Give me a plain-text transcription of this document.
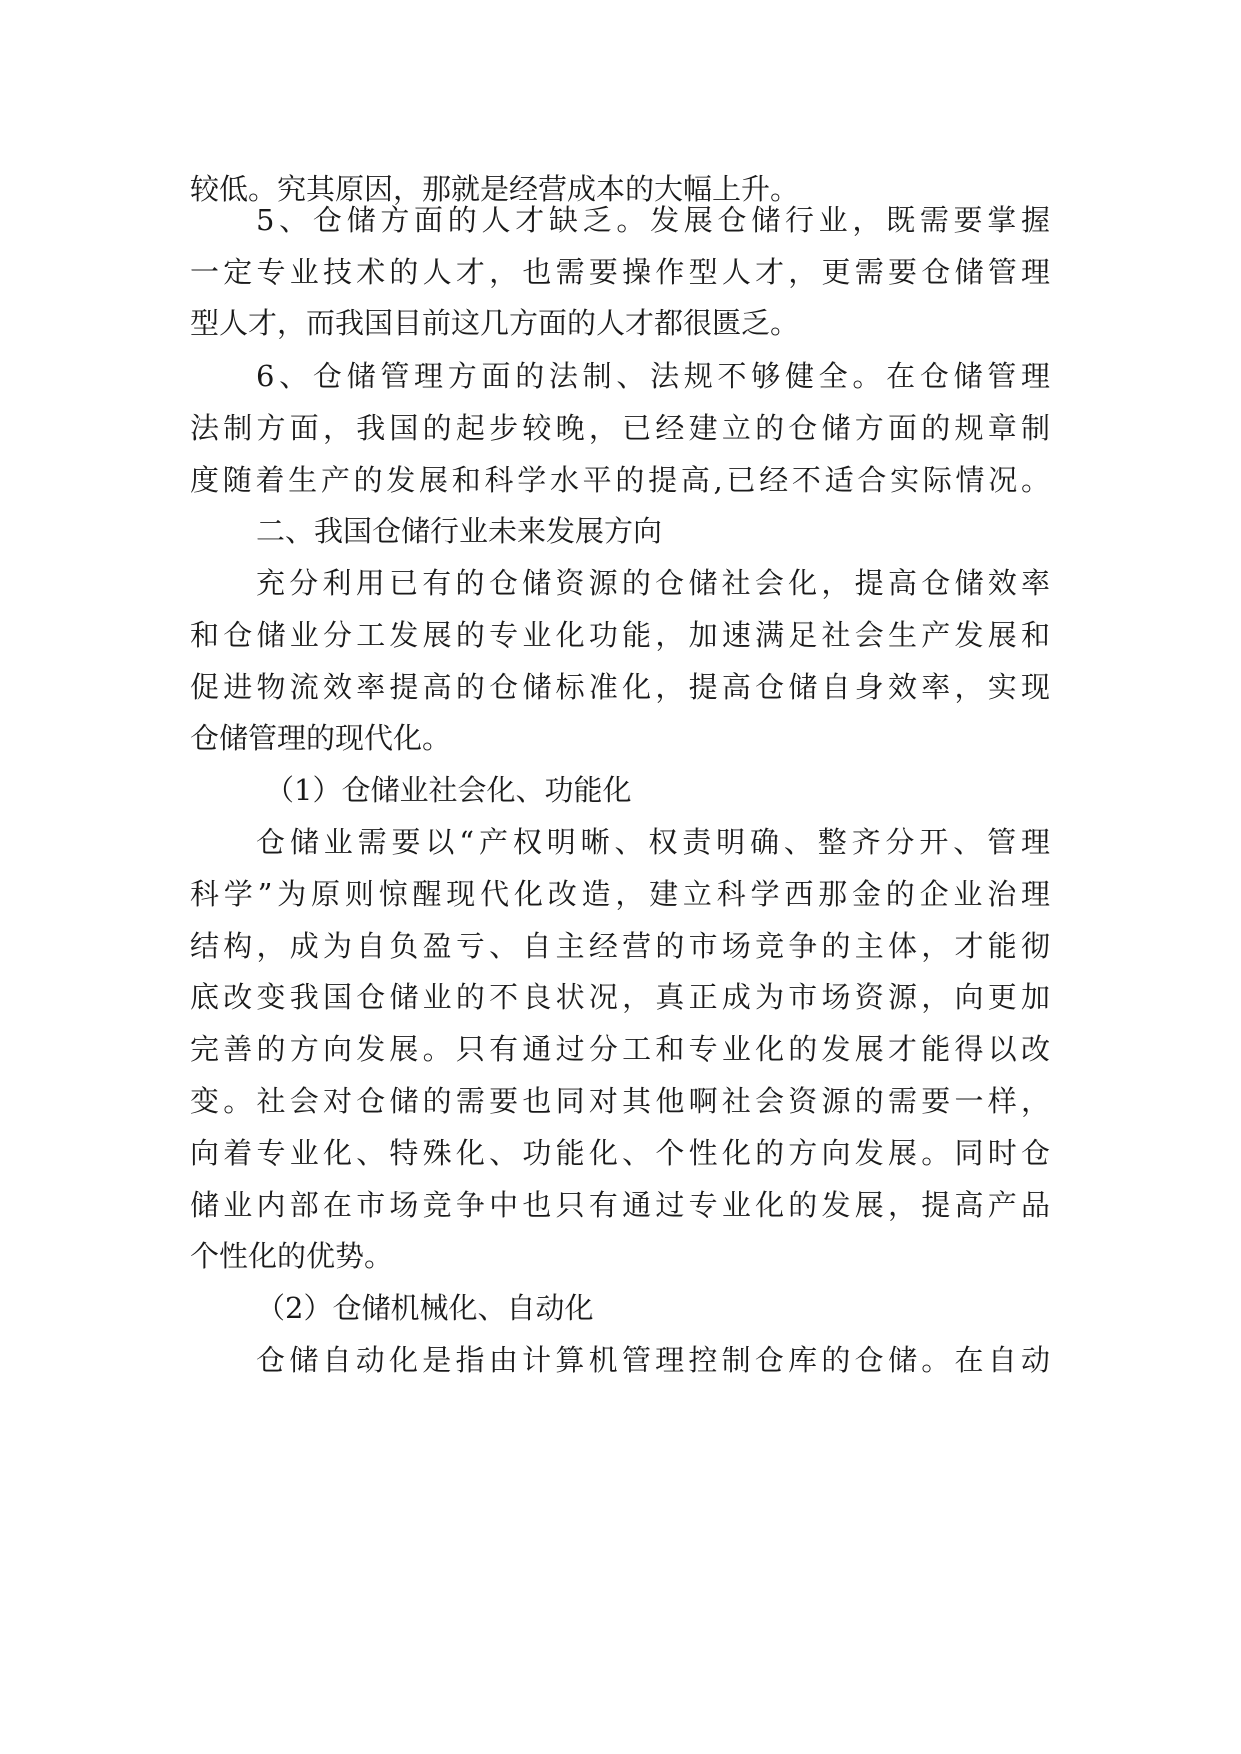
较低。究其原因，那就是经营成本的大幅上升。
5、仓储方面的人才缺乏。发展仓储行业，既需要掌握
一定专业技术的人才，也需要操作型人才，更需要仓储管理
型人才，而我国目前这几方面的人才都很匮乏。
6、仓储管理方面的法制、法规不够健全。在仓储管理
法制方面，我国的起步较晚，已经建立的仓储方面的规章制
度随着生产的发展和科学水平的提高,已经不适合实际情况。
二、我国仓储行业未来发展方向
充分利用已有的仓储资源的仓储社会化，提高仓储效率
和仓储业分工发展的专业化功能，加速满足社会生产发展和
促进物流效率提高的仓储标准化，提高仓储自身效率，实现
仓储管理的现代化。
（1）仓储业社会化、功能化
仓储业需要以“产权明晰、权责明确、整齐分开、管理
科学”为原则惊醒现代化改造，建立科学西那金的企业治理
结构，成为自负盈亏、自主经营的市场竞争的主体，才能彻
底改变我国仓储业的不良状况，真正成为市场资源，向更加
完善的方向发展。只有通过分工和专业化的发展才能得以改
变。社会对仓储的需要也同对其他啊社会资源的需要一样，
向着专业化、特殊化、功能化、个性化的方向发展。同时仓
储业内部在市场竞争中也只有通过专业化的发展，提高产品
个性化的优势。
（2）仓储机械化、自动化
仓储自动化是指由计算机管理控制仓库的仓储。在自动
